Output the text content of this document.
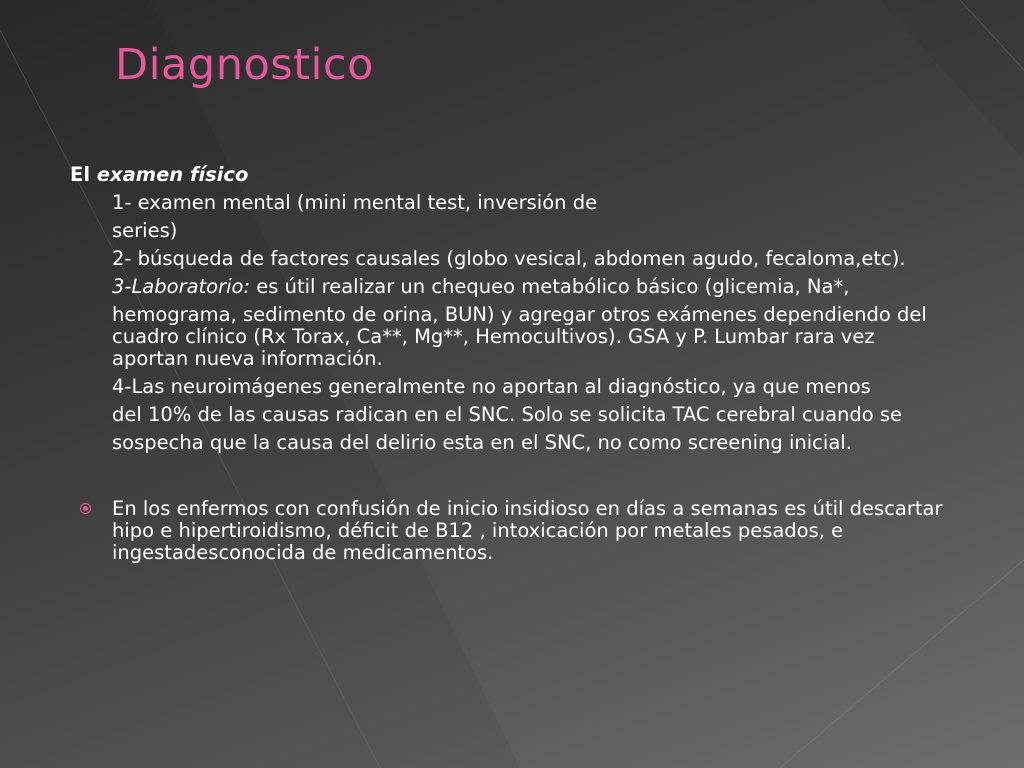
Diagnostico

El examen físico

1- examen mental (mini mental test, inversión de

series)

2- búsqueda de factores causales (globo vesical, abdomen agudo, fecaloma,etc).

3-Laboratorio: es útil realizar un chequeo metabólico básico (glicemia, Na*,

hemograma, sedimento de orina, BUN) y agregar otros exámenes dependiendo del cuadro clínico (Rx Torax, Ca**, Mg**, Hemocultivos). GSA y P. Lumbar rara vez aportan nueva información.

4-Las neuroimágenes generalmente no aportan al diagnóstico, ya que menos

del 10% de las causas radican en el SNC. Solo se solicita TAC cerebral cuando se

sospecha que la causa del delirio esta en el SNC, no como screening inicial.

En los enfermos con confusión de inicio insidioso en días a semanas es útil descartar hipo e hipertiroidismo, déficit de B12 , intoxicación por metales pesados, e ingestadesconocida de medicamentos.
